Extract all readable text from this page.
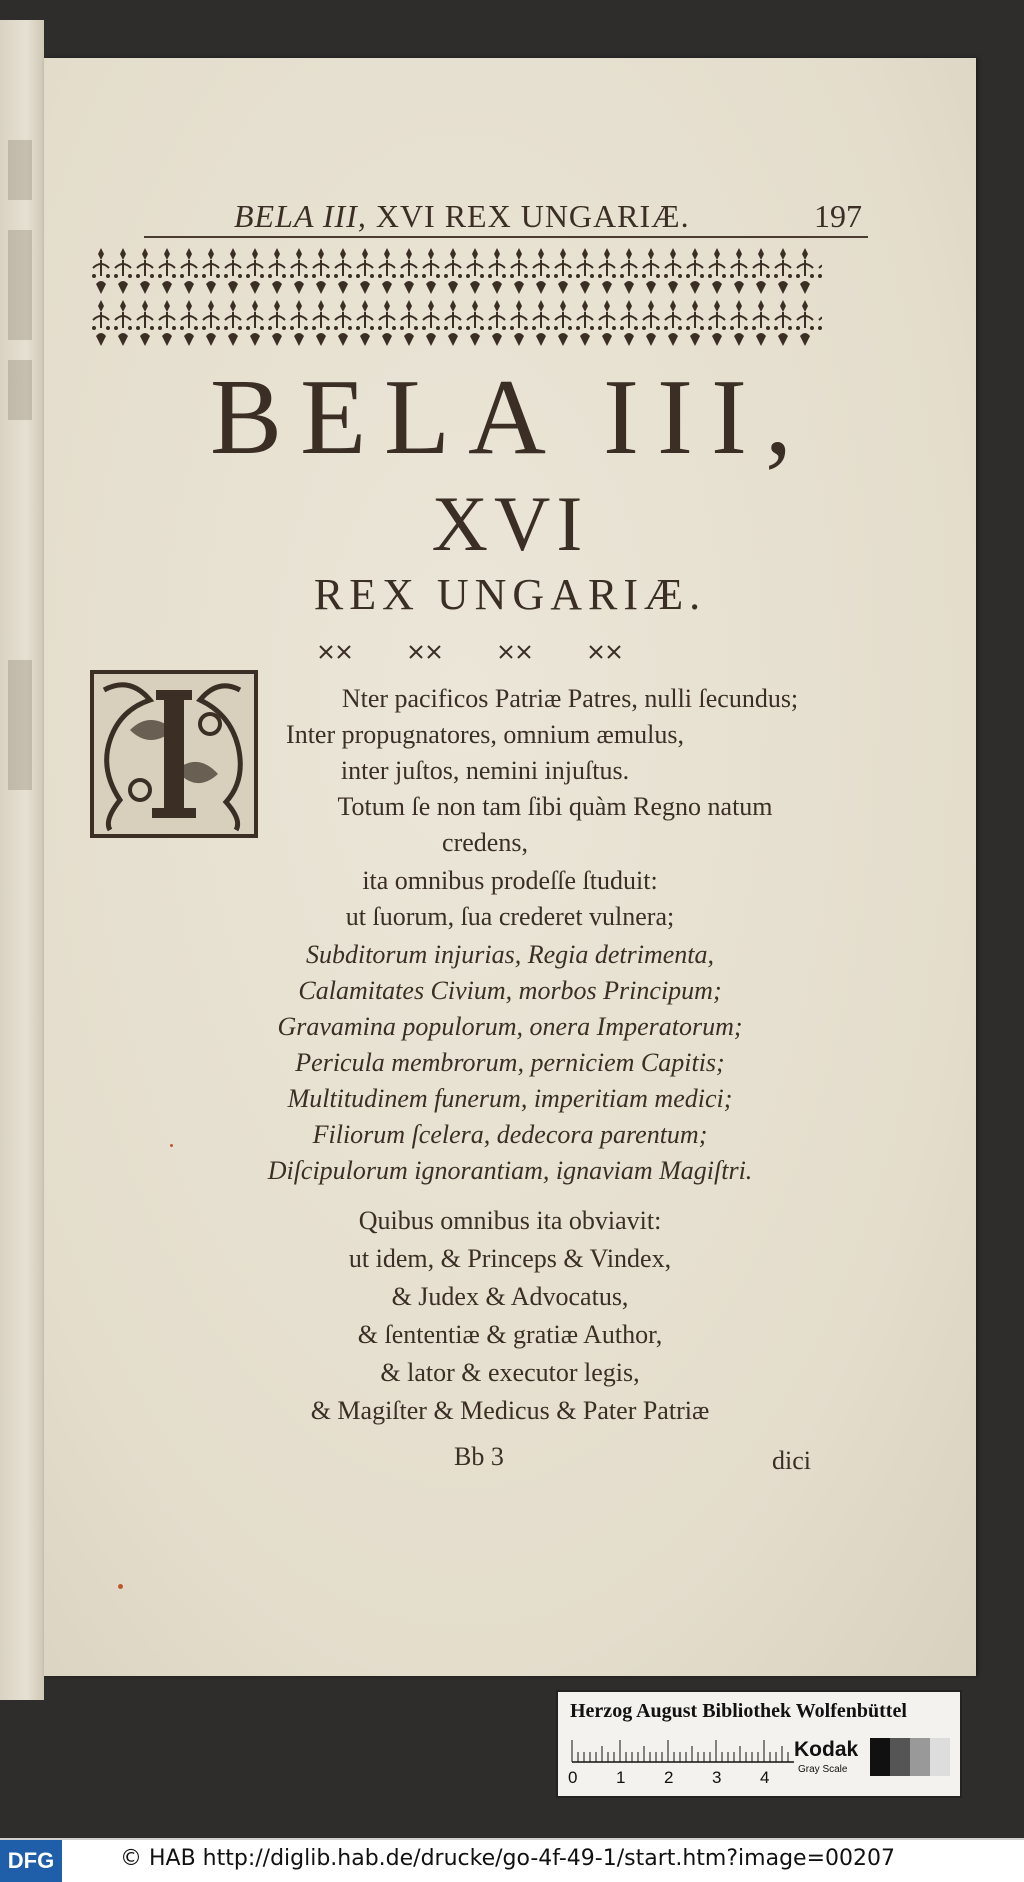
BELA III, XVI REX UNGARIÆ.	197
BELA III,
XVI
REX UNGARIÆ.
Nter pacificos Patriæ Patres, nulli ſecundus;
Inter propugnatores, omnium æmulus,
inter juſtos, nemini injuſtus.
Totum ſe non tam ſibi quàm Regno natum
credens,
ita omnibus prodeſſe ſtuduit:
ut ſuorum, ſua crederet vulnera;
Subditorum injurias, Regia detrimenta,
Calamitates Civium, morbos Principum;
Gravamina populorum, onera Imperatorum;
Pericula membrorum, perniciem Capitis;
Multitudinem funerum, imperitiam medici;
Filiorum ſcelera, dedecora parentum;
Diſcipulorum ignorantiam, ignaviam Magiſtri.
Quibus omnibus ita obviavit:
ut idem, & Princeps & Vindex,
& Judex & Advocatus,
& ſententiæ & gratiæ Author,
& lator & executor legis,
& Magiſter & Medicus & Pater Patriæ
Bb 3	dici
Herzog August Bibliothek Wolfenbüttel
0 1 2 3 4
Kodak
Gray Scale
DFG	© HAB http://diglib.hab.de/drucke/go-4f-49-1/start.htm?image=00207
